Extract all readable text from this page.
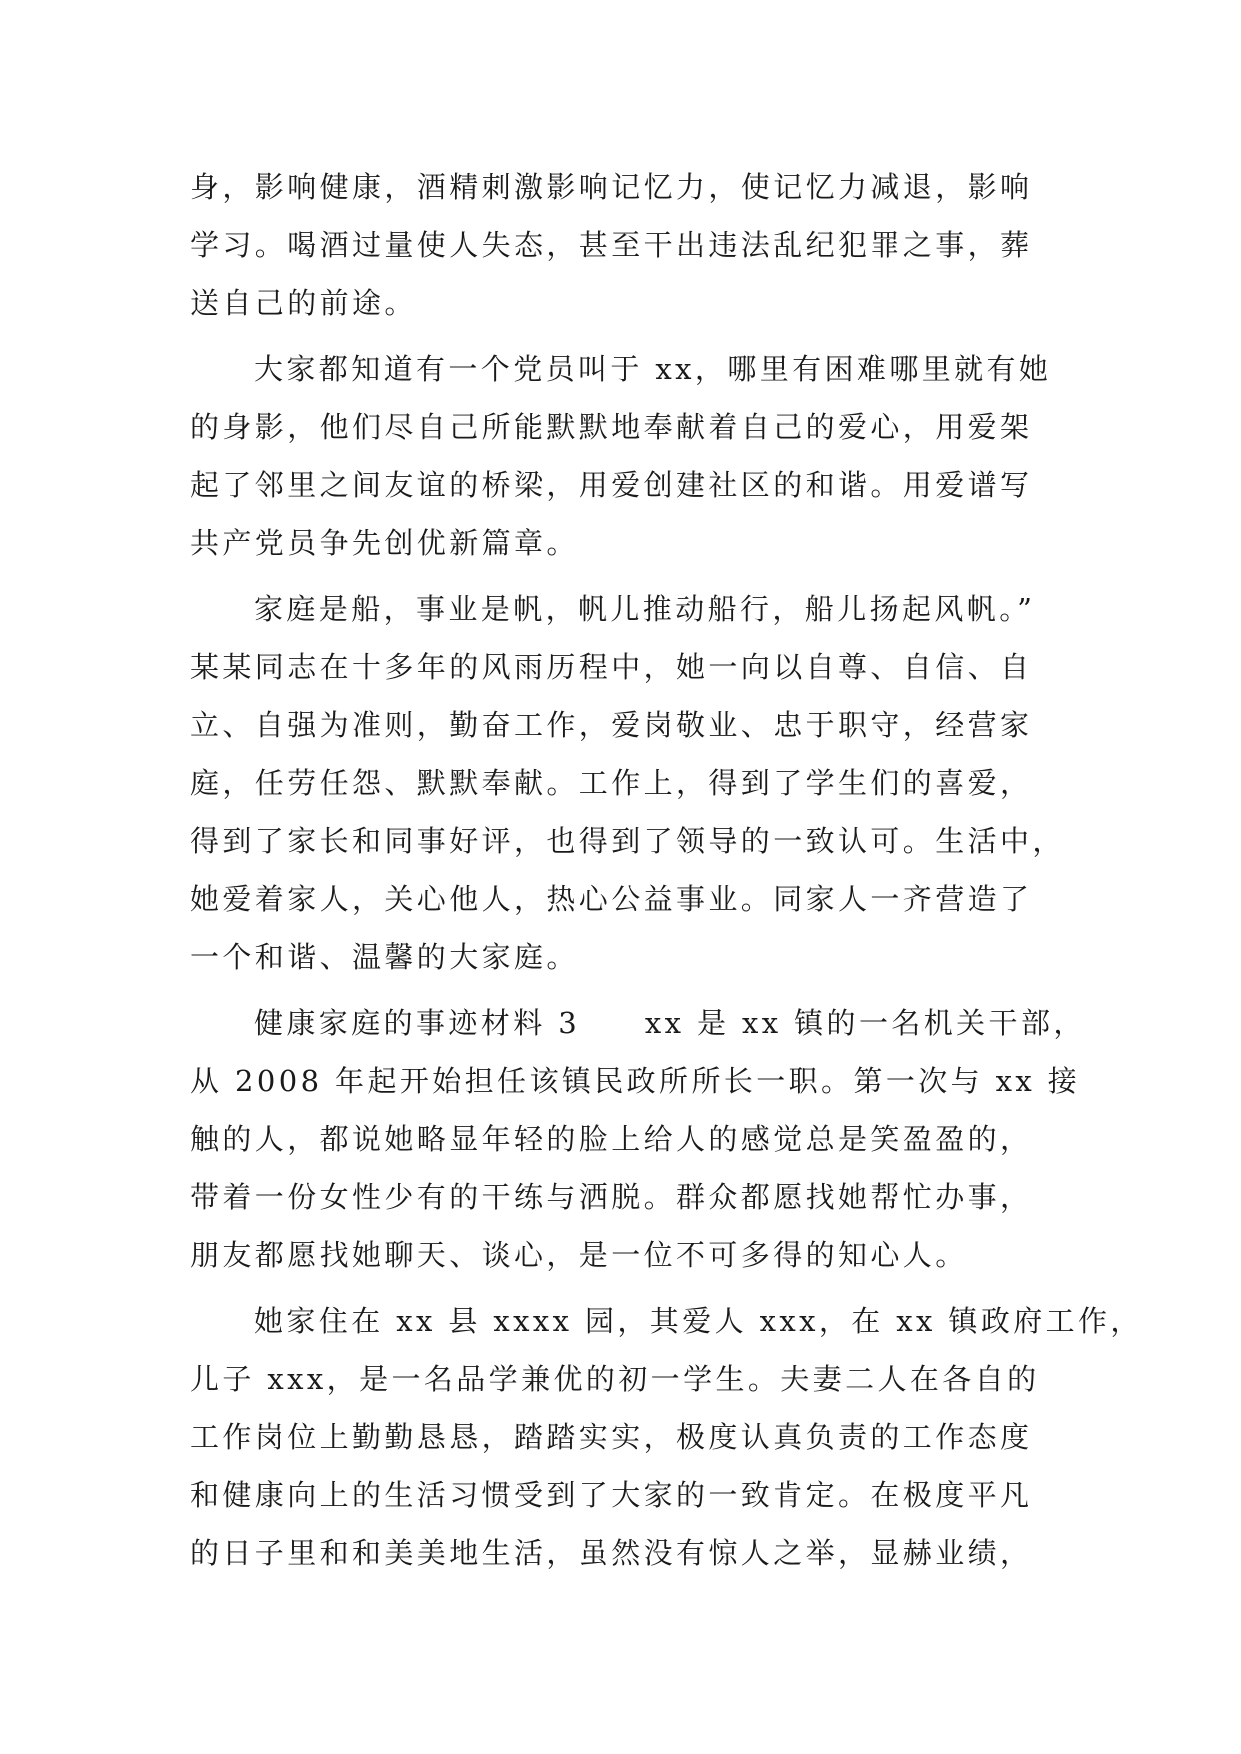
身，影响健康，酒精刺激影响记忆力，使记忆力减退，影响
学习。喝酒过量使人失态，甚至干出违法乱纪犯罪之事，葬
送自己的前途。
大家都知道有一个党员叫于 xx，哪里有困难哪里就有她
的身影，他们尽自己所能默默地奉献着自己的爱心，用爱架
起了邻里之间友谊的桥梁，用爱创建社区的和谐。用爱谱写
共产党员争先创优新篇章。
家庭是船，事业是帆，帆儿推动船行，船儿扬起风帆。”
某某同志在十多年的风雨历程中，她一向以自尊、自信、自
立、自强为准则，勤奋工作，爱岗敬业、忠于职守，经营家
庭，任劳任怨、默默奉献。工作上，得到了学生们的喜爱，
得到了家长和同事好评，也得到了领导的一致认可。生活中，
她爱着家人，关心他人，热心公益事业。同家人一齐营造了
一个和谐、温馨的大家庭。
健康家庭的事迹材料 3　　xx 是 xx 镇的一名机关干部，
从 2008 年起开始担任该镇民政所所长一职。第一次与 xx 接
触的人，都说她略显年轻的脸上给人的感觉总是笑盈盈的，
带着一份女性少有的干练与洒脱。群众都愿找她帮忙办事，
朋友都愿找她聊天、谈心，是一位不可多得的知心人。
她家住在 xx 县 xxxx 园，其爱人 xxx，在 xx 镇政府工作，
儿子 xxx，是一名品学兼优的初一学生。夫妻二人在各自的
工作岗位上勤勤恳恳，踏踏实实，极度认真负责的工作态度
和健康向上的生活习惯受到了大家的一致肯定。在极度平凡
的日子里和和美美地生活，虽然没有惊人之举，显赫业绩，
